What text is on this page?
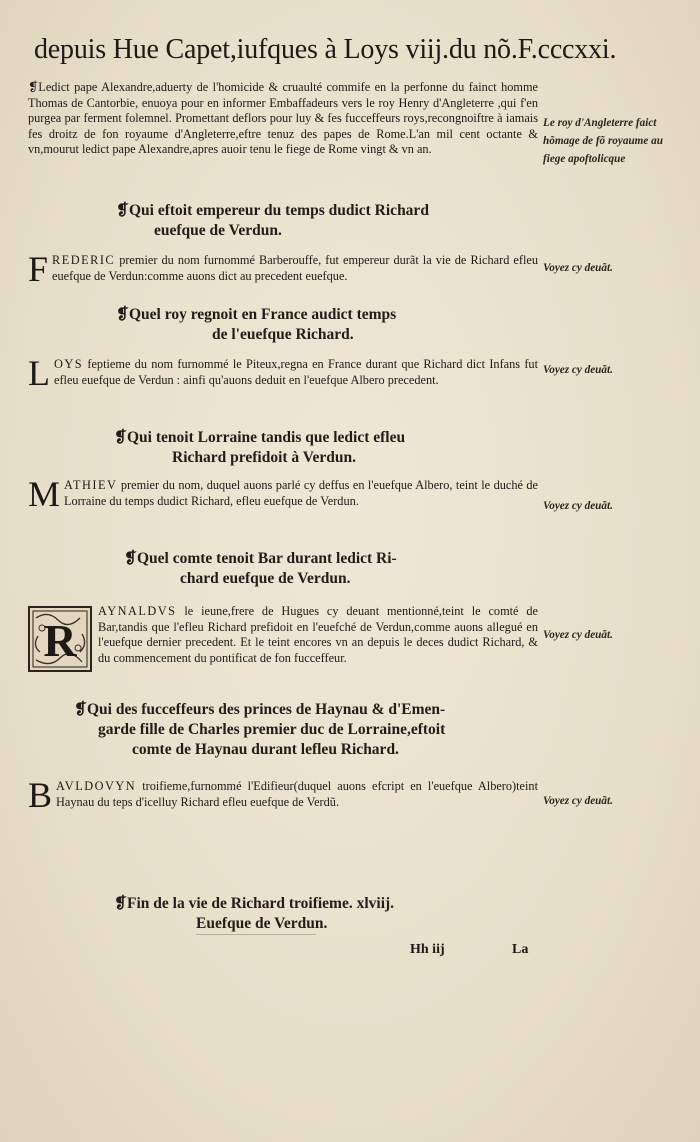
depuis Hue Capet,iufques à Loys viij.du nõ.F.cccxxi.
❡Ledict pape Alexandre,aduerty de l'homicide & cruaulté commife en la perfonne du fainct homme Thomas de Cantorbie, enuoya pour en informer Embaffadeurs vers le roy Henry d'Angleterre ,qui f'en purgea par ferment folemnel. Promettant deflors pour luy & fes fucceffeurs roys,recongnoiftre à iamais fes droitz de fon royaume d'Angleterre,eftre tenuz des papes de Rome.L'an mil cent octante & vn,mourut ledict pape Alexandre,apres auoir tenu le fiege de Rome vingt & vn an.
Le roy d'Angleterre faict hõmage de fõ royaume au fiege apoftolicque
❡Qui eftoit empereur du temps dudict Richard
euefque de Verdun.
FREDERIC premier du nom furnommé Barberouffe, fut empereur durãt la vie de Richard efleu euefque de Verdun:comme auons dict au precedent euefque.
Voyez cy deuãt.
❡Quel roy regnoit en France audict temps
de l'euefque Richard.
LOYS feptieme du nom furnommé le Piteux,regna en France durant que Richard dict Infans fut efleu euefque de Verdun : ainfi qu'auons deduit en l'euefque Albero precedent.
Voyez cy deuãt.
❡Qui tenoit Lorraine tandis que ledict efleu
Richard prefidoit à Verdun.
MATHIEV premier du nom, duquel auons parlé cy deffus en l'euefque Albero, teint le duché de Lorraine du temps dudict Richard, efleu euefque de Verdun.	Voyez cy deuãt.
❡Quel comte tenoit Bar durant ledict Ri-
chard euefque de Verdun.
R
AYNALDVS le ieune,frere de Hugues cy deuant mentionné,teint le comté de Bar,tandis que l'efleu Richard prefidoit en l'euefché de Verdun,comme auons allegué en l'euefque dernier precedent. Et le teint encores vn an depuis le deces dudict Richard, & du commencement du pontificat de fon fucceffeur.
Voyez cy deuãt.
❡Qui des fucceffeurs des princes de Haynau & d'Emen-
garde fille de Charles premier duc de Lorraine,eftoit
comte de Haynau durant lefleu Richard.
BAVLDOVYN troifieme,furnommé l'Edifieur(duquel auons efcript en l'euefque Albero)teint Haynau du teps d'icelluy Richard efleu euefque de Verdũ.	Voyez cy deuãt.
❡Fin de la vie de Richard troifieme. xlviij.
Euefque de Verdun.
Hh iij	La
